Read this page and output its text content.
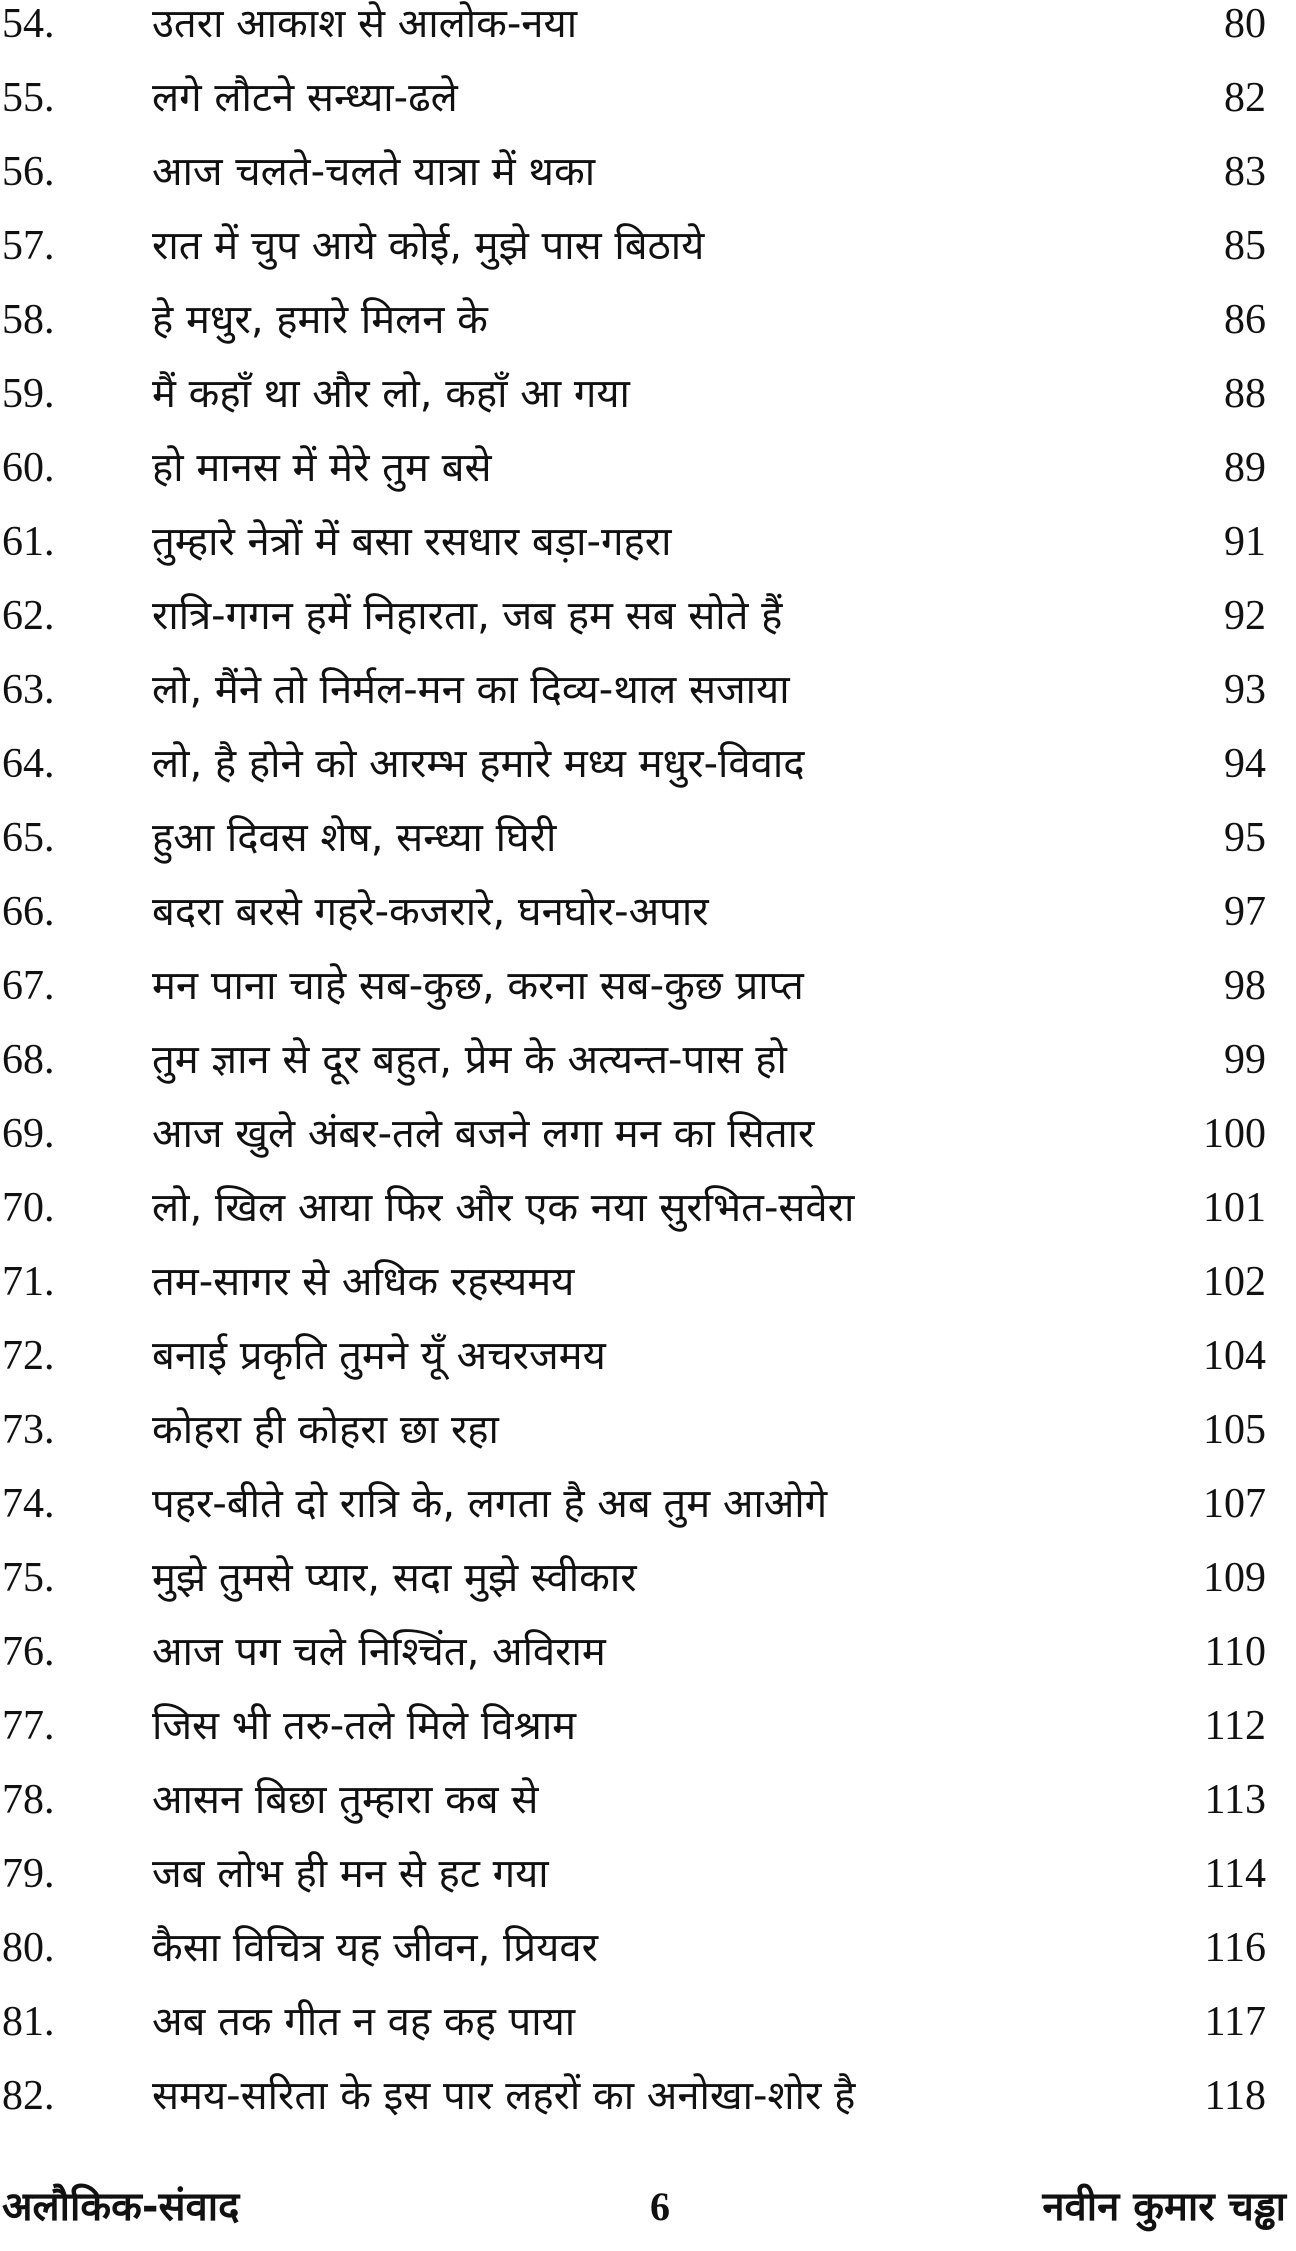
54.	उतरा आकाश से आलोक-नया	80
55.	लगे लौटने सन्ध्या-ढले	82
56.	आज चलते-चलते यात्रा में थका	83
57.	रात में चुप आये कोई, मुझे पास बिठाये	85
58.	हे मधुर, हमारे मिलन के	86
59.	मैं कहाँ था और लो, कहाँ आ गया	88
60.	हो मानस में मेरे तुम बसे	89
61.	तुम्हारे नेत्रों में बसा रसधार बड़ा-गहरा	91
62.	रात्रि-गगन हमें निहारता, जब हम सब सोते हैं	92
63.	लो, मैंने तो निर्मल-मन का दिव्य-थाल सजाया	93
64.	लो, है होने को आरम्भ हमारे मध्य मधुर-विवाद	94
65.	हुआ दिवस शेष, सन्ध्या घिरी	95
66.	बदरा बरसे गहरे-कजरारे, घनघोर-अपार	97
67.	मन पाना चाहे सब-कुछ, करना सब-कुछ प्राप्त	98
68.	तुम ज्ञान से दूर बहुत, प्रेम के अत्यन्त-पास हो	99
69.	आज खुले अंबर-तले बजने लगा मन का सितार	100
70.	लो, खिल आया फिर और एक नया सुरभित-सवेरा	101
71.	तम-सागर से अधिक रहस्यमय	102
72.	बनाई प्रकृति तुमने यूँ अचरजमय	104
73.	कोहरा ही कोहरा छा रहा	105
74.	पहर-बीते दो रात्रि के, लगता है अब तुम आओगे	107
75.	मुझे तुमसे प्यार, सदा मुझे स्वीकार	109
76.	आज पग चले निश्चिंत, अविराम	110
77.	जिस भी तरु-तले मिले विश्राम	112
78.	आसन बिछा तुम्हारा कब से	113
79.	जब लोभ ही मन से हट गया	114
80.	कैसा विचित्र यह जीवन, प्रियवर	116
81.	अब तक गीत न वह कह पाया	117
82.	समय-सरिता के इस पार लहरों का अनोखा-शोर है	118
अलौकिक-संवाद	6	नवीन कुमार चड्ढा
